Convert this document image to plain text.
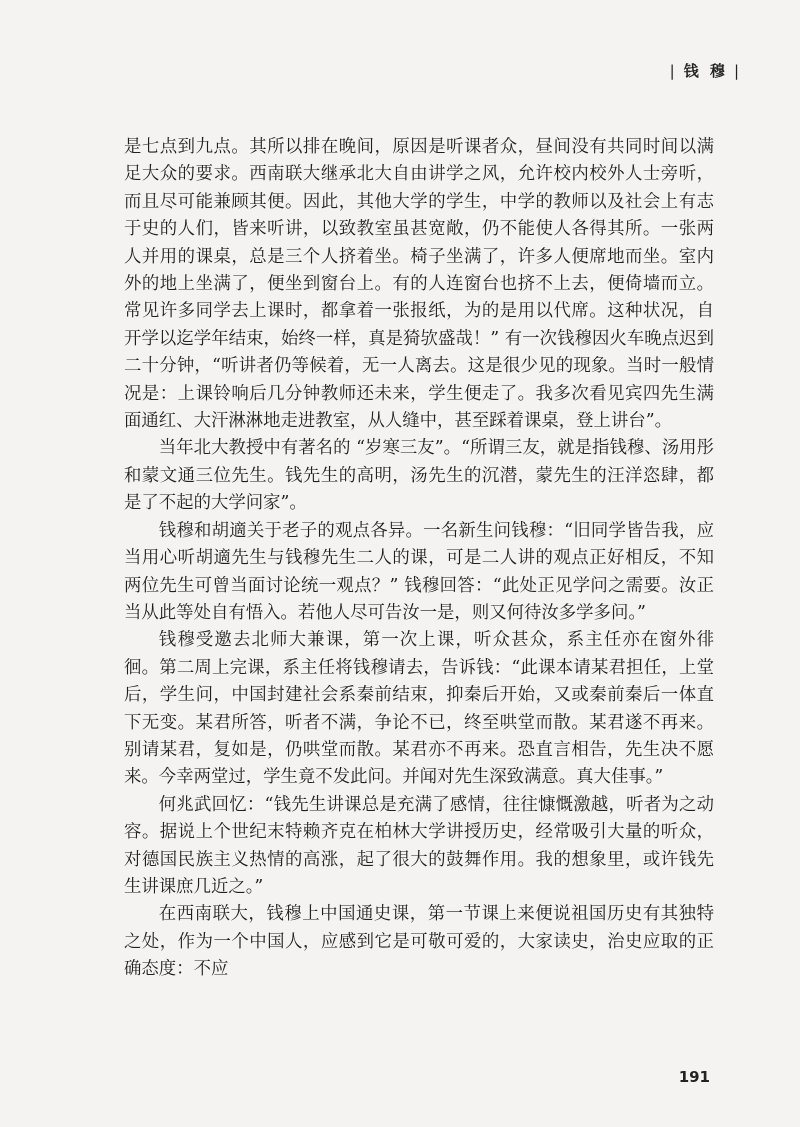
| 钱 穆 |

是七点到九点。其所以排在晚间，原因是听课者众，昼间没有共同时间以满足大众的要求。西南联大继承北大自由讲学之风，允许校内校外人士旁听，而且尽可能兼顾其便。因此，其他大学的学生，中学的教师以及社会上有志于史的人们，皆来听讲，以致教室虽甚宽敞，仍不能使人各得其所。一张两人并用的课桌，总是三个人挤着坐。椅子坐满了，许多人便席地而坐。室内外的地上坐满了，便坐到窗台上。有的人连窗台也挤不上去，便倚墙而立。常见许多同学去上课时，都拿着一张报纸，为的是用以代席。这种状况，自开学以迄学年结束，始终一样，真是猗欤盛哉！” 有一次钱穆因火车晚点迟到二十分钟，“听讲者仍等候着，无一人离去。这是很少见的现象。当时一般情况是：上课铃响后几分钟教师还未来，学生便走了。我多次看见宾四先生满面通红、大汗淋淋地走进教室，从人缝中，甚至踩着课桌，登上讲台”。

当年北大教授中有著名的 “岁寒三友”。“所谓三友，就是指钱穆、汤用彤和蒙文通三位先生。钱先生的高明，汤先生的沉潜，蒙先生的汪洋恣肆，都是了不起的大学问家”。

钱穆和胡適关于老子的观点各异。一名新生问钱穆：“旧同学皆告我，应当用心听胡適先生与钱穆先生二人的课，可是二人讲的观点正好相反，不知两位先生可曾当面讨论统一观点？” 钱穆回答：“此处正见学问之需要。汝正当从此等处自有悟入。若他人尽可告汝一是，则又何待汝多学多问。”

钱穆受邀去北师大兼课，第一次上课，听众甚众，系主任亦在窗外徘徊。第二周上完课，系主任将钱穆请去，告诉钱：“此课本请某君担任，上堂后，学生问，中国封建社会系秦前结束，抑秦后开始，又或秦前秦后一体直下无变。某君所答，听者不满，争论不已，终至哄堂而散。某君遂不再来。别请某君，复如是，仍哄堂而散。某君亦不再来。恐直言相告，先生决不愿来。今幸两堂过，学生竟不发此问。并闻对先生深致满意。真大佳事。”

何兆武回忆：“钱先生讲课总是充满了感情，往往慷慨激越，听者为之动容。据说上个世纪末特赖齐克在柏林大学讲授历史，经常吸引大量的听众，对德国民族主义热情的高涨，起了很大的鼓舞作用。我的想象里，或许钱先生讲课庶几近之。”

在西南联大，钱穆上中国通史课，第一节课上来便说祖国历史有其独特之处，作为一个中国人，应感到它是可敬可爱的，大家读史，治史应取的正确态度：不应

191
